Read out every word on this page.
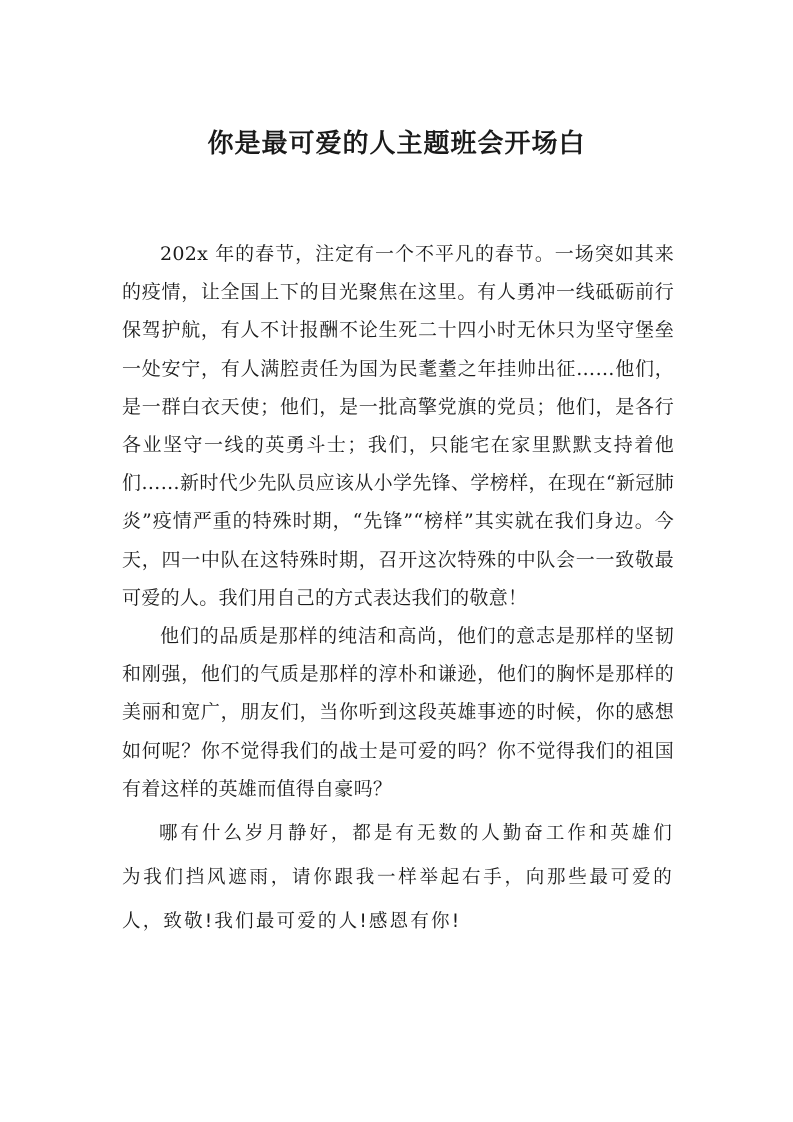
你是最可爱的人主题班会开场白

202x 年的春节，注定有一个不平凡的春节。一场突如其来的疫情，让全国上下的目光聚焦在这里。有人勇冲一线砥砺前行保驾护航，有人不计报酬不论生死二十四小时无休只为坚守堡垒一处安宁，有人满腔责任为国为民耄耋之年挂帅出征……他们，是一群白衣天使；他们，是一批高擎党旗的党员；他们，是各行各业坚守一线的英勇斗士；我们，只能宅在家里默默支持着他们……新时代少先队员应该从小学先锋、学榜样，在现在“新冠肺炎”疫情严重的特殊时期，“先锋”“榜样”其实就在我们身边。今天，四一中队在这特殊时期，召开这次特殊的中队会一一致敬最可爱的人。我们用自己的方式表达我们的敬意！

他们的品质是那样的纯洁和高尚，他们的意志是那样的坚韧和刚强，他们的气质是那样的淳朴和谦逊，他们的胸怀是那样的美丽和宽广，朋友们，当你听到这段英雄事迹的时候，你的感想如何呢？你不觉得我们的战士是可爱的吗？你不觉得我们的祖国有着这样的英雄而值得自豪吗？

哪有什么岁月静好，都是有无数的人勤奋工作和英雄们为我们挡风遮雨，请你跟我一样举起右手，向那些最可爱的人，致敬!我们最可爱的人!感恩有你!
